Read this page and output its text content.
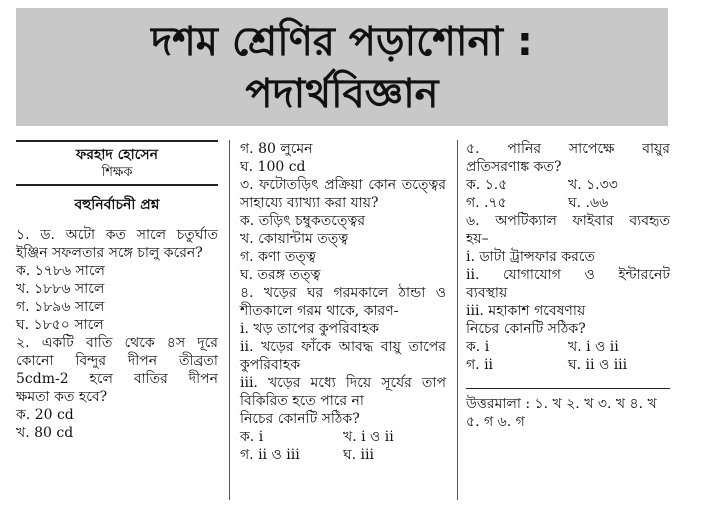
দশম শ্রেণির পড়াশোনা :
পদার্থবিজ্ঞান
ফরহাদ হোসেন
শিক্ষক
বহুনির্বাচনী প্রশ্ন

১. ড. অটো কত সালে চতুর্ঘাত

ইঞ্জিন সফলতার সঙ্গে চালু করেন?

ক. ১৭৮৬ সালে

খ. ১৮৮৬ সালে

গ. ১৮৯৬ সালে

ঘ. ১৮৫০ সালে

২. একটি বাতি থেকে ৪স দূরে

কোনো বিন্দুর দীপন তীব্রতা

5cdm-2 হলে বাতির দীপন

ক্ষমতা কত হবে?

ক. 20 cd

খ. 80 cd

গ. 80 লুমেন

ঘ. 100 cd

৩. ফটোতড়িৎ প্রক্রিয়া কোন তত্ত্বের

সাহায্যে ব্যাখ্যা করা যায়?

ক. তড়িৎ চম্বুকতত্ত্বের

খ. কোয়ান্টাম তত্ত্ব

গ. কণা তত্ত্ব

ঘ. তরঙ্গ তত্ত্ব

৪. খড়ের ঘর গরমকালে ঠান্ডা ও

শীতকালে গরম থাকে, কারণ-

i. খড় তাপের কুপরিবাহক

ii. খড়ের ফাঁকে আবদ্ধ বায়ু তাপের

কুপরিবাহক

iii. খড়ের মধ্যে দিয়ে সূর্যের তাপ

বিকিরিত হতে পারে না

নিচের কোনটি সঠিক?

ক. i	খ. i ও ii
গ. ii ও iii	ঘ. iii

৫. পানির সাপেক্ষে বায়ুর

প্রতিসরণাঙ্ক কত?

ক. ১.৫	খ. ১.৩৩
গ. .৭৫	ঘ. .৬৬

৬. অপটিক্যাল ফাইবার ব্যবহৃত

হয়–

i. ডাটা ট্রান্সফার করতে

ii. যোগাযোগ ও ইন্টারনেট

ব্যবস্থায়

iii. মহাকাশ গবেষণায়

নিচের কোনটি সঠিক?

ক. i	খ. i ও ii
গ. ii	ঘ. ii ও iii

উত্তরমালা : ১. খ ২. খ ৩. খ ৪. খ

৫. গ ৬. গ
